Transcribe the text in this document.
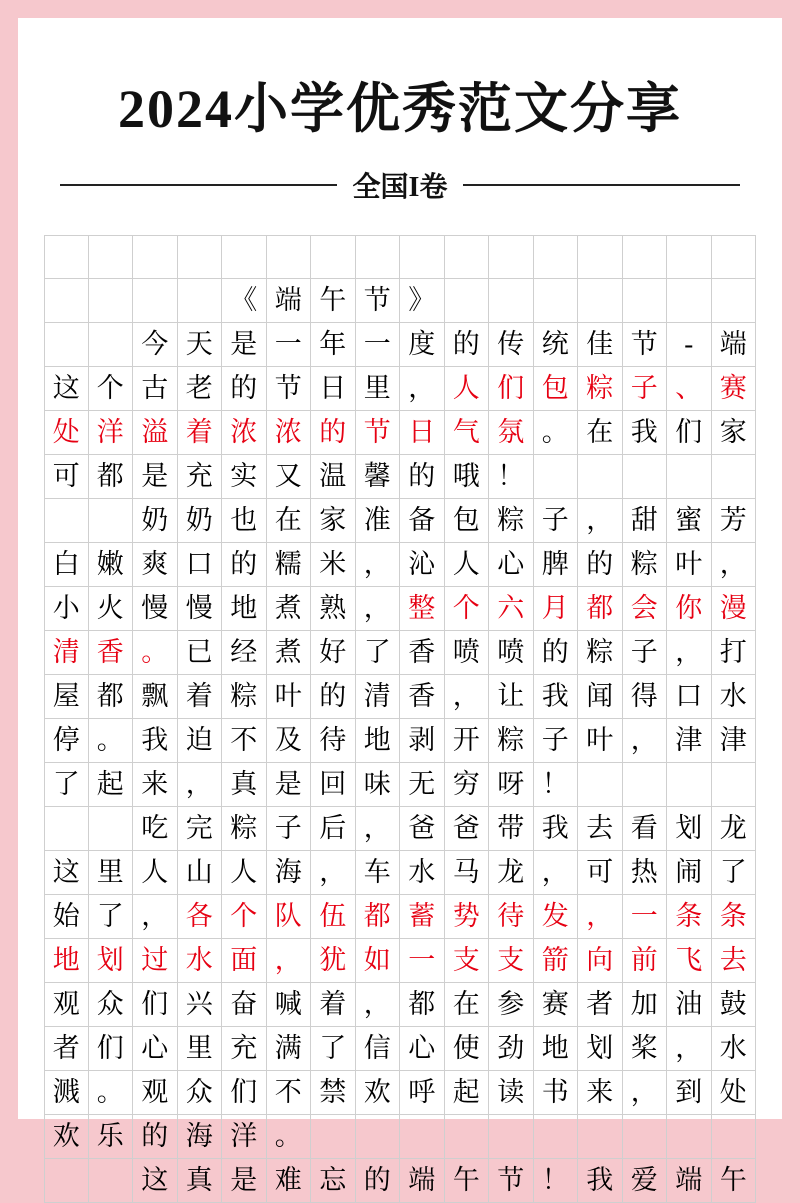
2024小学优秀范文分享
全国I卷
《 端 午 节 》
今 天 是 一 年 一 度 的 传 统 佳 节 - 端
这 个 古 老 的 节 日 里 ， 人 们 包 粽 子 、 赛
处 洋 溢 着 浓 浓 的 节 日 气 氛 。 在 我 们 家
可 都 是 充 实 又 温 馨 的 哦 ！
奶 奶 也 在 家 准 备 包 粽 子 ， 甜 蜜 芳
白 嫩 爽 口 的 糯 米 ， 沁 人 心 脾 的 粽 叶 ，
小 火 慢 慢 地 煮 熟 ， 整 个 六 月 都 会 你 漫
清 香 。 已 经 煮 好 了 香 喷 喷 的 粽 子 ， 打
屋 都 飘 着 粽 叶 的 清 香 ， 让 我 闻 得 口 水
停 。 我 迫 不 及 待 地 剥 开 粽 子 叶 ， 津 津
了 起 来 ， 真 是 回 味 无 穷 呀 ！
吃 完 粽 子 后 ， 爸 爸 带 我 去 看 划 龙
这 里 人 山 人 海 ， 车 水 马 龙 ， 可 热 闹 了
始 了 ， 各 个 队 伍 都 蓄 势 待 发 ， 一 条 条
地 划 过 水 面 ， 犹 如 一 支 支 箭 向 前 飞 去
观 众 们 兴 奋 喊 着 ， 都 在 参 赛 者 加 油 鼓
者 们 心 里 充 满 了 信 心 使 劲 地 划 桨 ， 水
溅 。 观 众 们 不 禁 欢 呼 起 读 书 来 ， 到 处
欢 乐 的 海 洋 。
这 真 是 难 忘 的 端 午 节 ！ 我 爱 端 午
